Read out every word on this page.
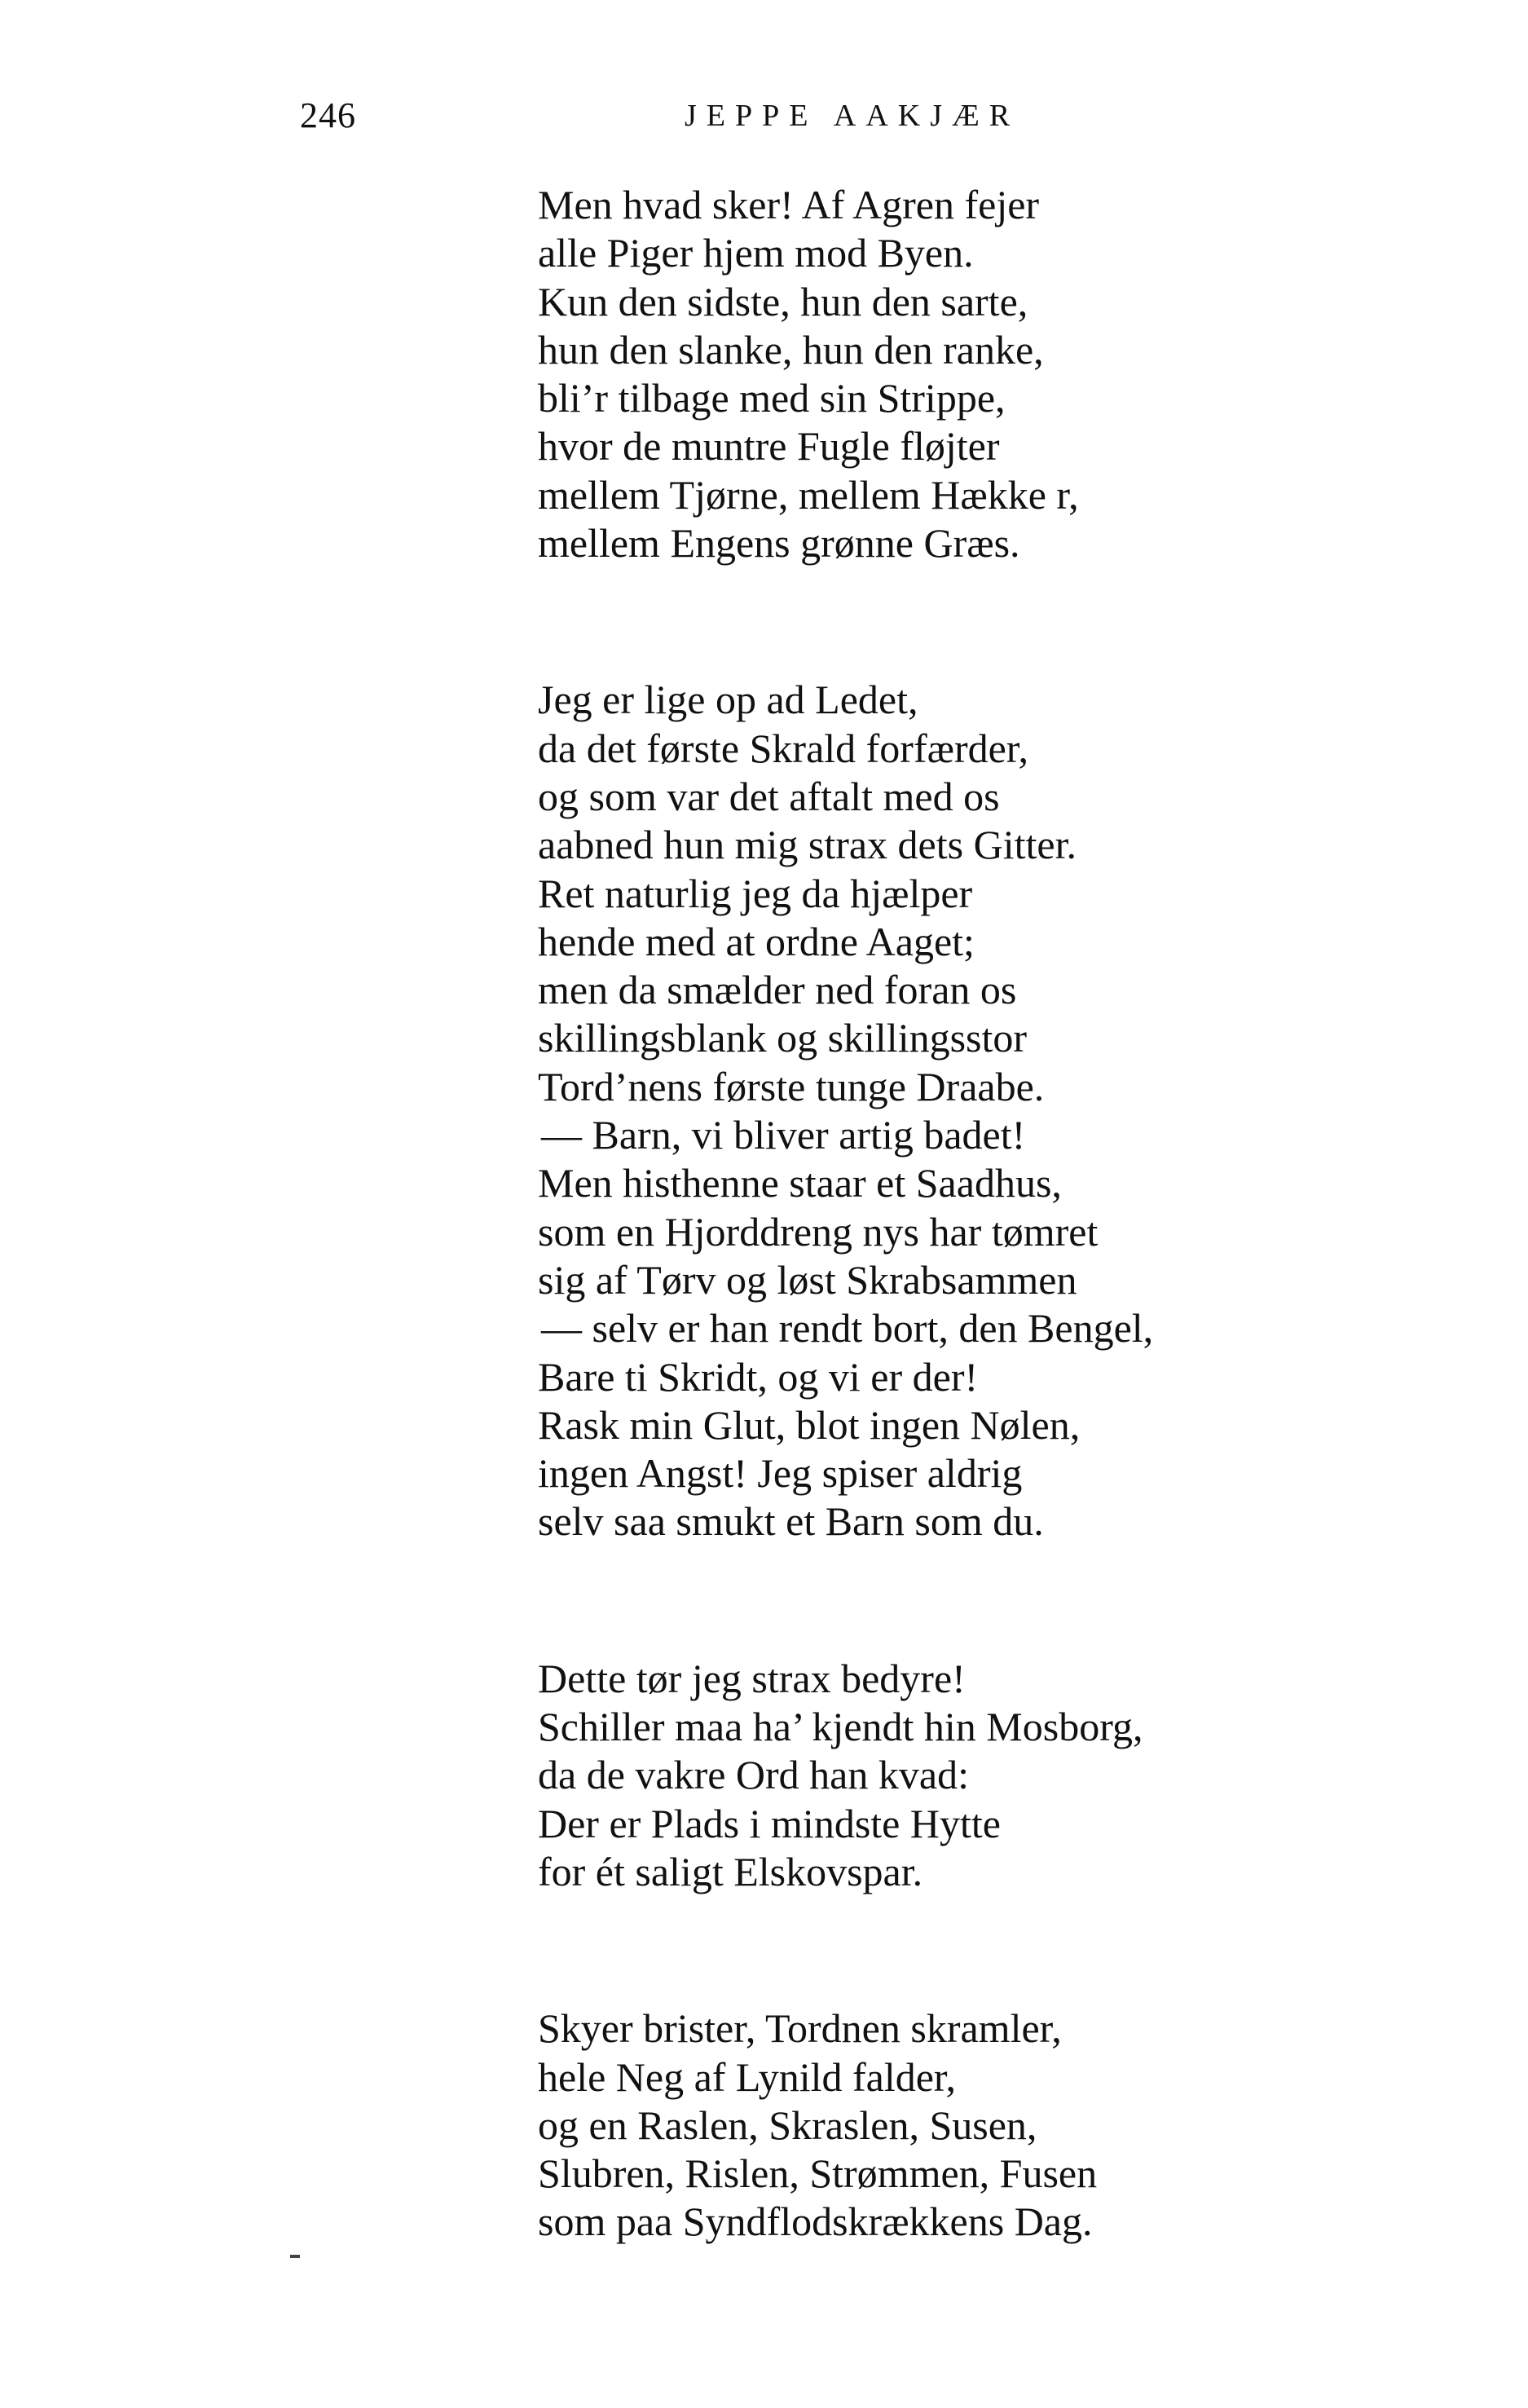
246	JEPPE AAKJÆR
Men hvad sker! Af Agren fejer
alle Piger hjem mod Byen.
Kun den sidste, hun den sarte,
hun den slanke, hun den ranke,
bli’r tilbage med sin Strippe,
hvor de muntre Fugle fløjter
mellem Tjørne, mellem Hække r,
mellem Engens grønne Græs.
Jeg er lige op ad Ledet,
da det første Skrald forfærder,
og som var det aftalt med os
aabned hun mig strax dets Gitter.
Ret naturlig jeg da hjælper
hende med at ordne Aaget;
men da smælder ned foran os
skillingsblank og skillingsstor
Tord’nens første tunge Draabe.
— Barn, vi bliver artig badet!
Men histhenne staar et Saadhus,
som en Hjorddreng nys har tømret
sig af Tørv og løst Skrabsammen
— selv er han rendt bort, den Bengel,
Bare ti Skridt, og vi er der!
Rask min Glut, blot ingen Nølen,
ingen Angst! Jeg spiser aldrig
selv saa smukt et Barn som du.
Dette tør jeg strax bedyre!
Schiller maa ha’ kjendt hin Mosborg,
da de vakre Ord han kvad:
Der er Plads i mindste Hytte
for ét saligt Elskovspar.
Skyer brister, Tordnen skramler,
hele Neg af Lynild falder,
og en Raslen, Skraslen, Susen,
Slubren, Rislen, Strømmen, Fusen
som paa Syndflodskrækkens Dag.
